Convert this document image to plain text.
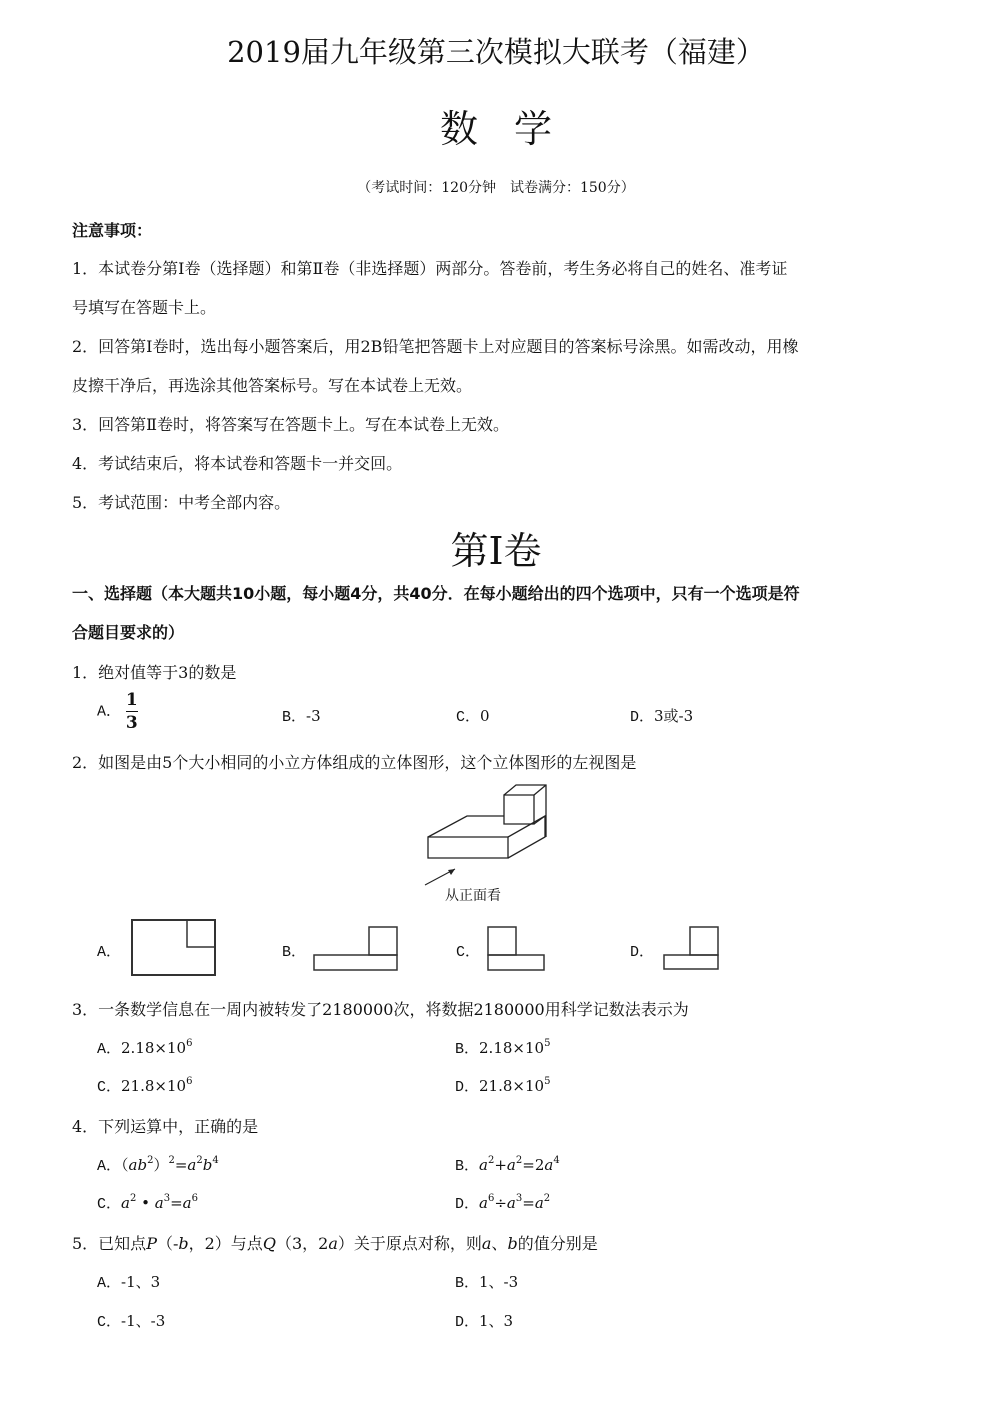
2019届九年级第三次模拟大联考（福建）
数 学
（考试时间：120分钟　试卷满分：150分）
注意事项：
1．本试卷分第Ⅰ卷（选择题）和第Ⅱ卷（非选择题）两部分。答卷前，考生务必将自己的姓名、准考证
号填写在答题卡上。
2．回答第Ⅰ卷时，选出每小题答案后，用2B铅笔把答题卡上对应题目的答案标号涂黑。如需改动，用橡
皮擦干净后，再选涂其他答案标号。写在本试卷上无效。
3．回答第Ⅱ卷时，将答案写在答题卡上。写在本试卷上无效。
4．考试结束后，将本试卷和答题卡一并交回。
5．考试范围：中考全部内容。
第Ⅰ卷
一、选择题（本大题共10小题，每小题4分，共40分．在每小题给出的四个选项中，只有一个选项是符
合题目要求的）
1．绝对值等于3的数是
A． $\frac{1}{3}$	B．-3	C．0	D．3或-3
2．如图是由5个大小相同的小立方体组成的立体图形，这个立体图形的左视图是
从正面看
A．	B．	C．	D．
3．一条数学信息在一周内被转发了2180000次，将数据2180000用科学记数法表示为
A．$2.18\times 10^6$	B．$2.18\times 10^5$
C．$21.8\times 10^6$	D．$21.8\times 10^5$
4．下列运算中，正确的是
A．$(ab^2)^2=a^2b^4$	B．$a^2+a^2=2a^4$
C．$a^2$ • $a^3=a^6$	D．$a^6\div a^3=a^2$
5．已知点P（-b，2）与点Q（3，2a）关于原点对称，则a、b的值分别是
A．-1、3	B．1、-3
C．-1、-3	D．1、3
